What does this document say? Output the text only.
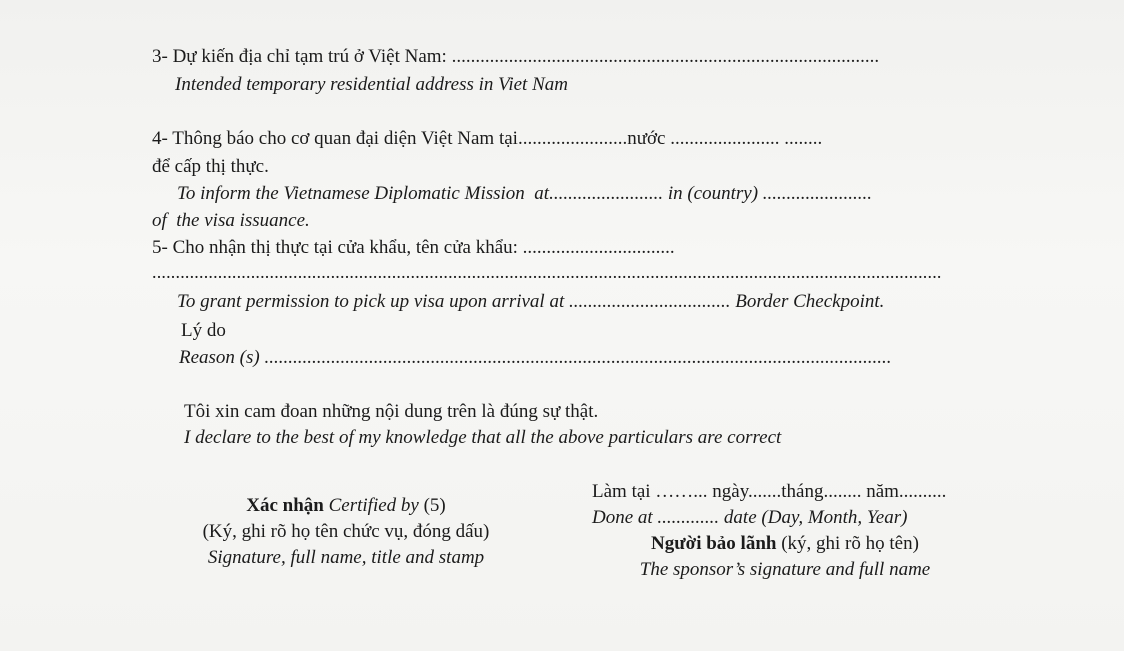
3- Dự kiến địa chỉ tạm trú ở Việt Nam: ..........................................................................................
Intended temporary residential address in Viet Nam
4- Thông báo cho cơ quan đại diện Việt Nam tại.......................nước ....................... ........
để cấp thị thực.
To inform the Vietnamese Diplomatic Mission  at........................ in (country) .......................
of  the visa issuance.
5- Cho nhận thị thực tại cửa khẩu, tên cửa khẩu: ................................
........................................................................................................................................................................
To grant permission to pick up visa upon arrival at .................................. Border Checkpoint.
Lý do
Reason (s) ....................................................................................................................................
Tôi xin cam đoan những nội dung trên là đúng sự thật.
I declare to the best of my knowledge that all the above particulars are correct
Xác nhận Certified by (5)
(Ký, ghi rõ họ tên chức vụ, đóng dấu)
Signature, full name, title and stamp
Làm tại ……... ngày.......tháng........ năm..........
Done at ............. date (Day, Month, Year)
Người bảo lãnh (ký, ghi rõ họ tên)
The sponsor’s signature and full name
